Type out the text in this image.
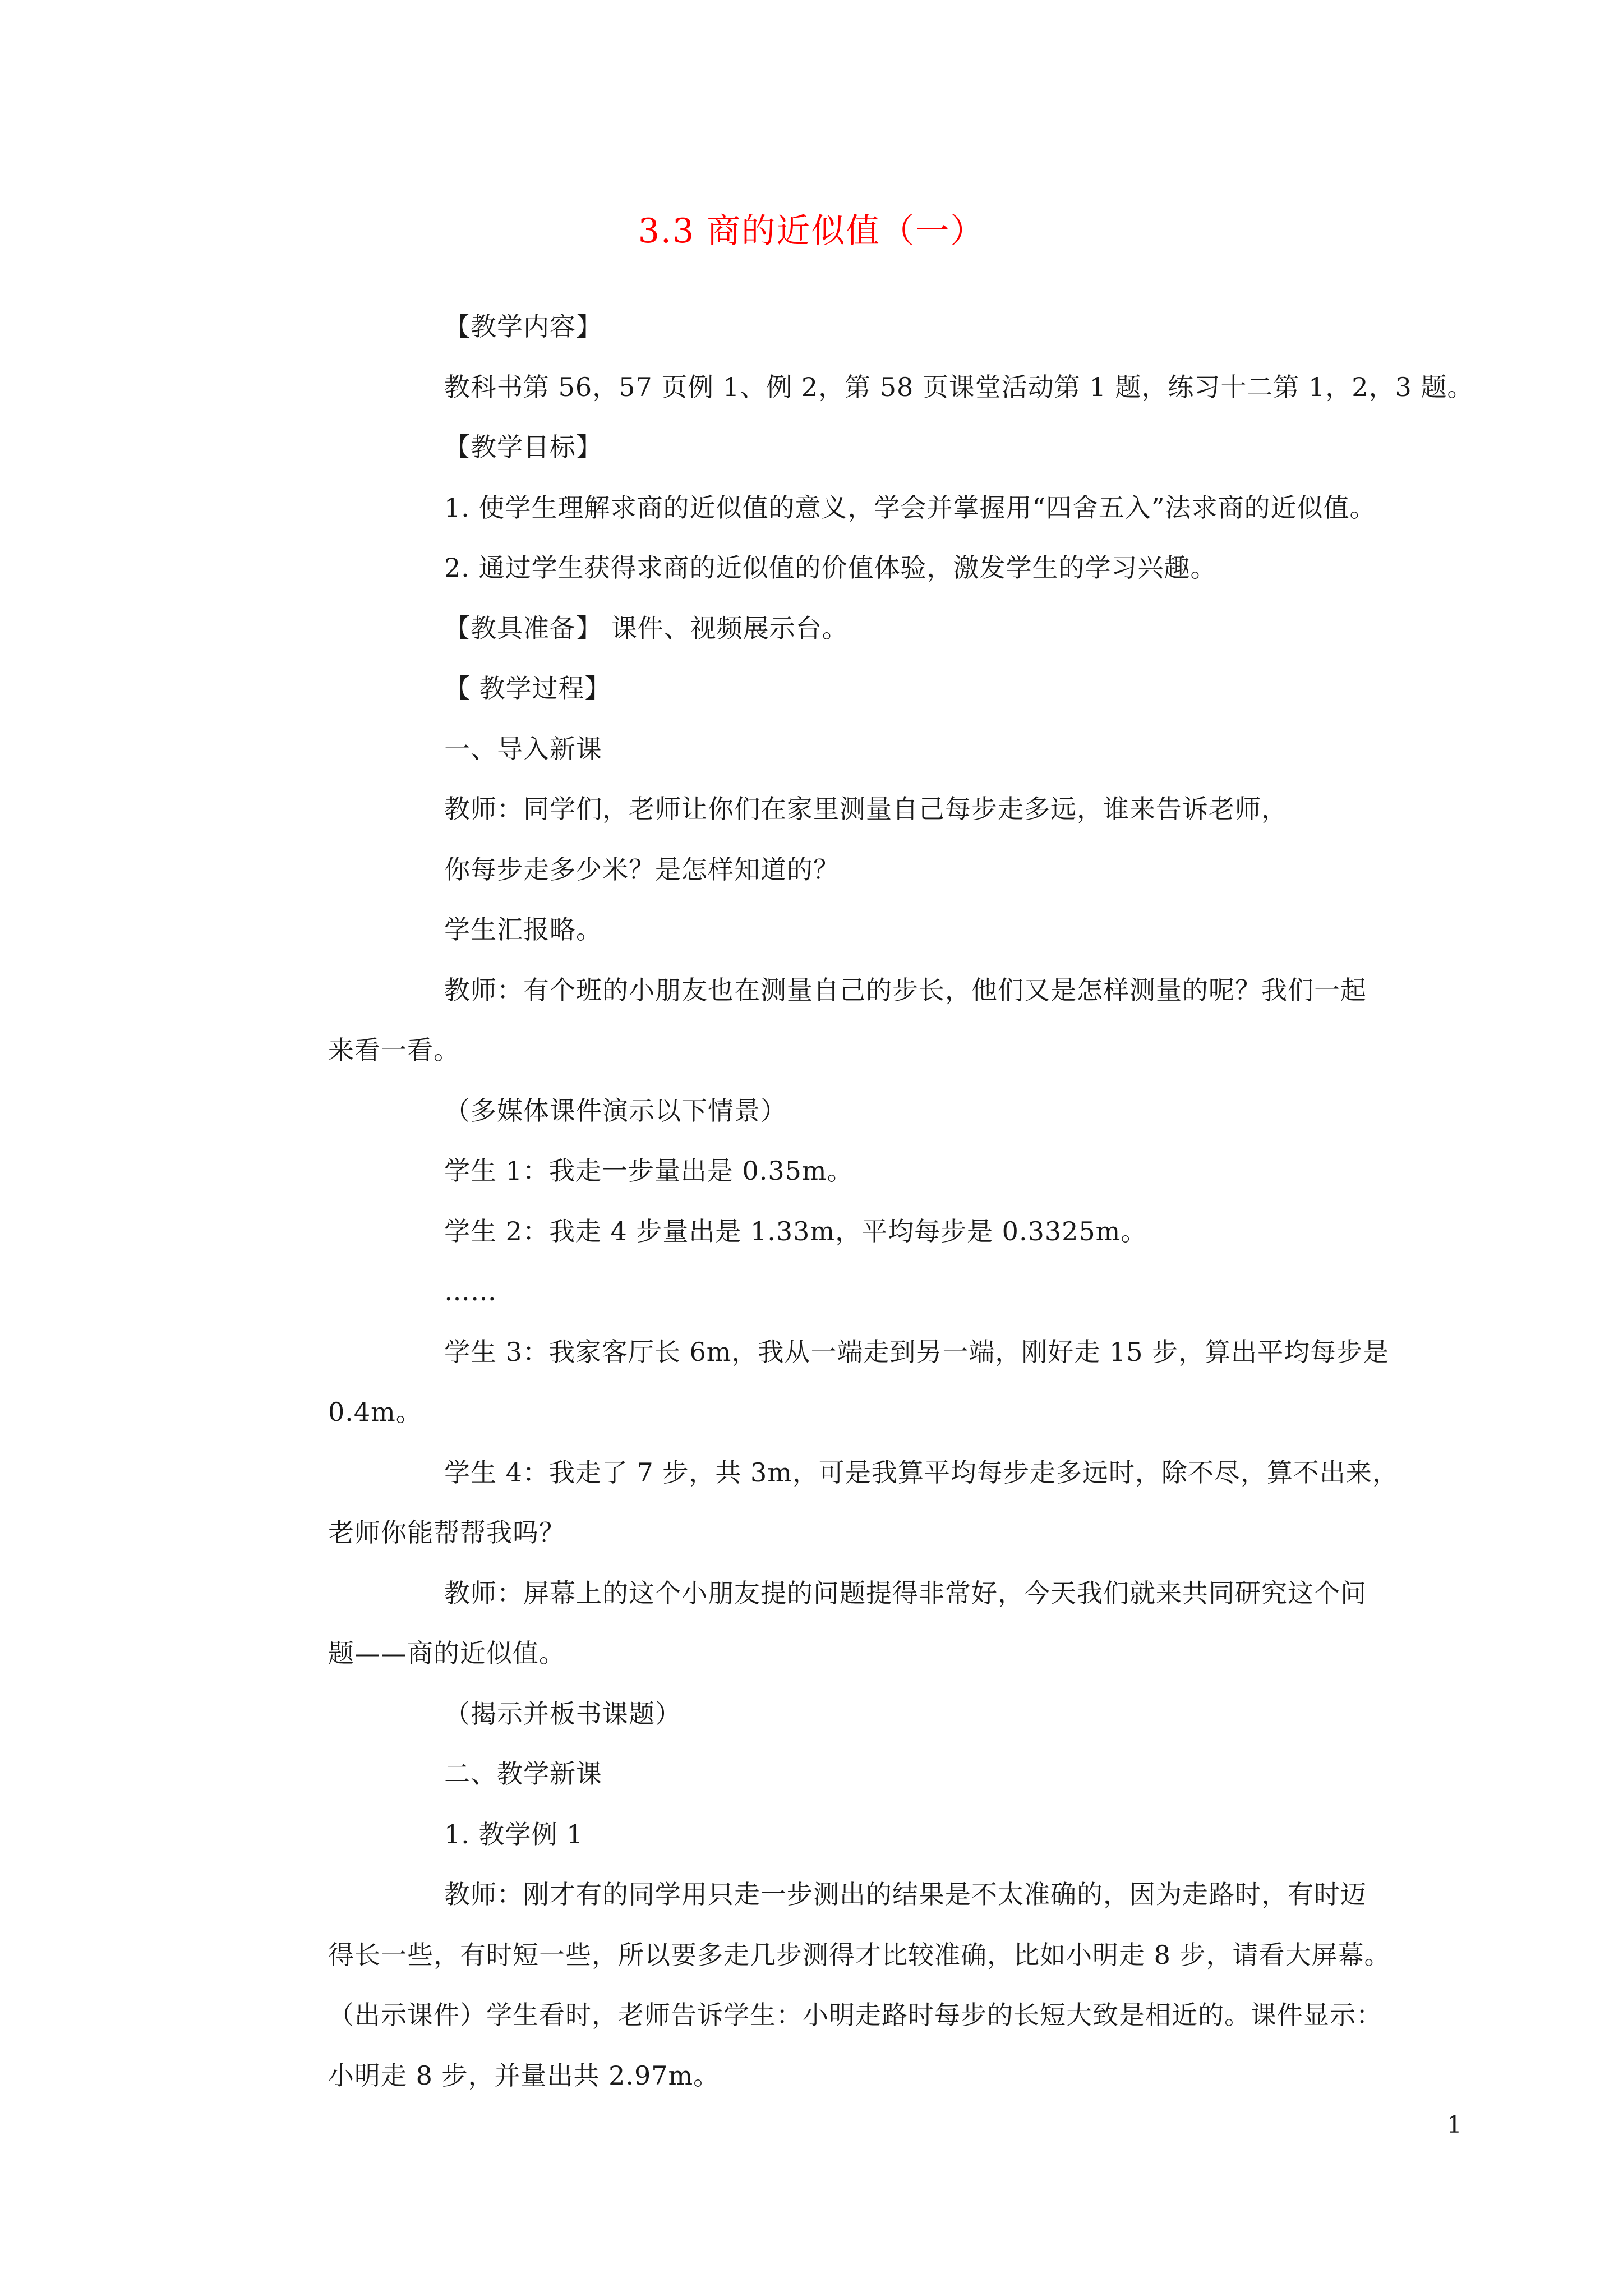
3.3 商的近似值（一）
【教学内容】
教科书第 56，57 页例 1、例 2，第 58 页课堂活动第 1 题，练习十二第 1，2，3 题。
【教学目标】
1. 使学生理解求商的近似值的意义，学会并掌握用“四舍五入”法求商的近似值。
2. 通过学生获得求商的近似值的价值体验，激发学生的学习兴趣。
【教具准备】 课件、视频展示台。
【 教学过程】
一、导入新课
教师：同学们，老师让你们在家里测量自己每步走多远，谁来告诉老师，
你每步走多少米？是怎样知道的？
学生汇报略。
教师：有个班的小朋友也在测量自己的步长，他们又是怎样测量的呢？我们一起
来看一看。
（多媒体课件演示以下情景）
学生 1：我走一步量出是 0.35m。
学生 2：我走 4 步量出是 1.33m，平均每步是 0.3325m。
……
学生 3：我家客厅长 6m，我从一端走到另一端，刚好走 15 步，算出平均每步是
0.4m。
学生 4：我走了 7 步，共 3m，可是我算平均每步走多远时，除不尽，算不出来，
老师你能帮帮我吗？
教师：屏幕上的这个小朋友提的问题提得非常好，今天我们就来共同研究这个问
题——商的近似值。
（揭示并板书课题）
二、教学新课
1. 教学例 1
教师：刚才有的同学用只走一步测出的结果是不太准确的，因为走路时，有时迈
得长一些，有时短一些，所以要多走几步测得才比较准确，比如小明走 8 步，请看大屏幕。
（出示课件）学生看时，老师告诉学生：小明走路时每步的长短大致是相近的。课件显示：
小明走 8 步，并量出共 2.97m。
1
